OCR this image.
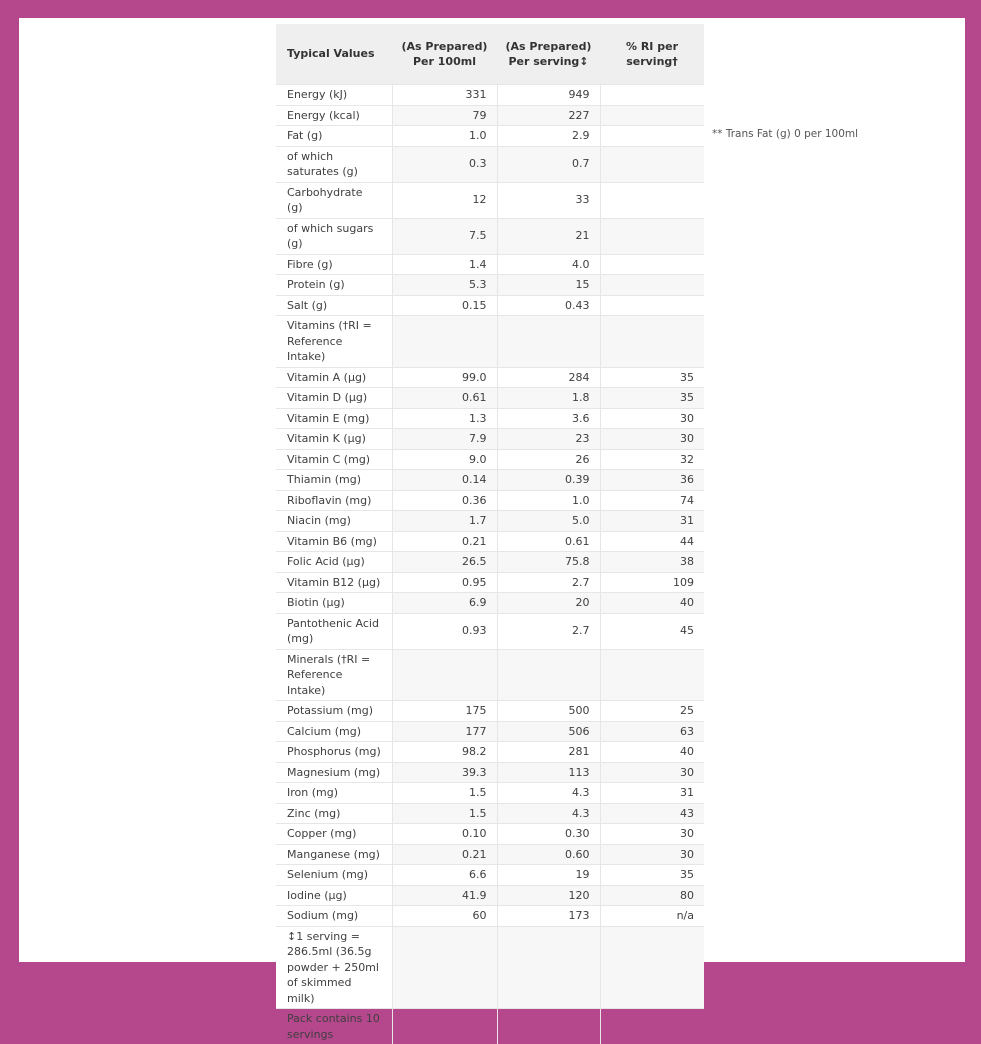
Typical Values	(As Prepared) Per 100ml	(As Prepared) Per serving↕	% RI per serving†
Energy (kJ)	331	949	
Energy (kcal)	79	227	
Fat (g)	1.0	2.9	
of which saturates (g)	0.3	0.7	
Carbohydrate (g)	12	33	
of which sugars (g)	7.5	21	
Fibre (g)	1.4	4.0	
Protein (g)	5.3	15	
Salt (g)	0.15	0.43	
Vitamins (†RI = Reference Intake)			
Vitamin A (µg)	99.0	284	35
Vitamin D (µg)	0.61	1.8	35
Vitamin E (mg)	1.3	3.6	30
Vitamin K (µg)	7.9	23	30
Vitamin C (mg)	9.0	26	32
Thiamin (mg)	0.14	0.39	36
Riboflavin (mg)	0.36	1.0	74
Niacin (mg)	1.7	5.0	31
Vitamin B6 (mg)	0.21	0.61	44
Folic Acid (µg)	26.5	75.8	38
Vitamin B12 (µg)	0.95	2.7	109
Biotin (µg)	6.9	20	40
Pantothenic Acid (mg)	0.93	2.7	45
Minerals (†RI = Reference Intake)			
Potassium (mg)	175	500	25
Calcium (mg)	177	506	63
Phosphorus (mg)	98.2	281	40
Magnesium (mg)	39.3	113	30
Iron (mg)	1.5	4.3	31
Zinc (mg)	1.5	4.3	43
Copper (mg)	0.10	0.30	30
Manganese (mg)	0.21	0.60	30
Selenium (mg)	6.6	19	35
Iodine (µg)	41.9	120	80
Sodium (mg)	60	173	n/a
↕1 serving = 286.5ml (36.5g powder + 250ml of skimmed milk)			
Pack contains 10 servings			
** Trans Fat (g) 0 per 100ml
